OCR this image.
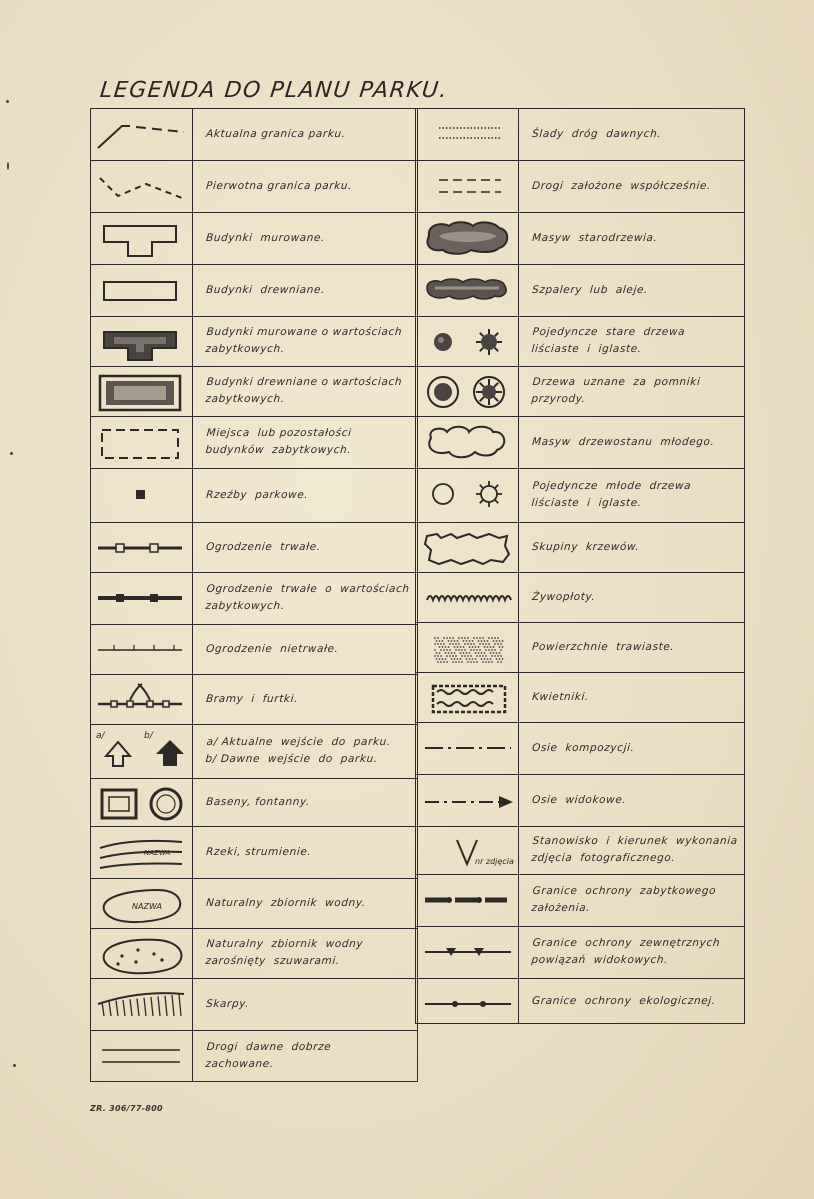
LEGENDA DO PLANU PARKU.
Aktualna granica parku.
Pierwotna granica parku.
Budynki  murowane.
Budynki  drewniane.
Budynki murowane o wartościach
zabytkowych.
Budynki drewniane o wartościach
zabytkowych.
Miejsca  lub pozostałości
budynków  zabytkowych.
Rzeźby  parkowe.
Ogrodzenie  trwałe.
Ogrodzenie  trwałe  o  wartościach
zabytkowych.
Ogrodzenie  nietrwałe.
Bramy  i  furtki.
a/ Aktualne  wejście  do  parku.
b/ Dawne  wejście  do  parku.
Baseny, fontanny.
Rzeki, strumienie.
Naturalny  zbiornik  wodny.
Naturalny  zbiornik  wodny
zarośnięty  szuwarami.
Skarpy.
Drogi  dawne  dobrze
zachowane.
Ślady  dróg  dawnych.
Drogi  założone  współcześnie.
Masyw  starodrzewia.
Szpalery  lub  aleje.
Pojedyncze  stare  drzewa
liściaste  i  iglaste.
Drzewa  uznane  za  pomniki
przyrody.
Masyw  drzewostanu  młodego.
Pojedyncze  młode  drzewa
liściaste  i  iglaste.
Skupiny  krzewów.
Żywopłoty.
Powierzchnie  trawiaste.
Kwietniki.
Osie  kompozycji.
Osie  widokowe.
Stanowisko  i  kierunek  wykonania
zdjęcia  fotograficznego.
Granice  ochrony  zabytkowego
założenia.
Granice  ochrony  zewnętrznych
powiązań  widokowych.
Granice  ochrony  ekologicznej.
a/	b/
NAZWA
NAZWA
nr zdjęcia
ZR. 306/77-800
